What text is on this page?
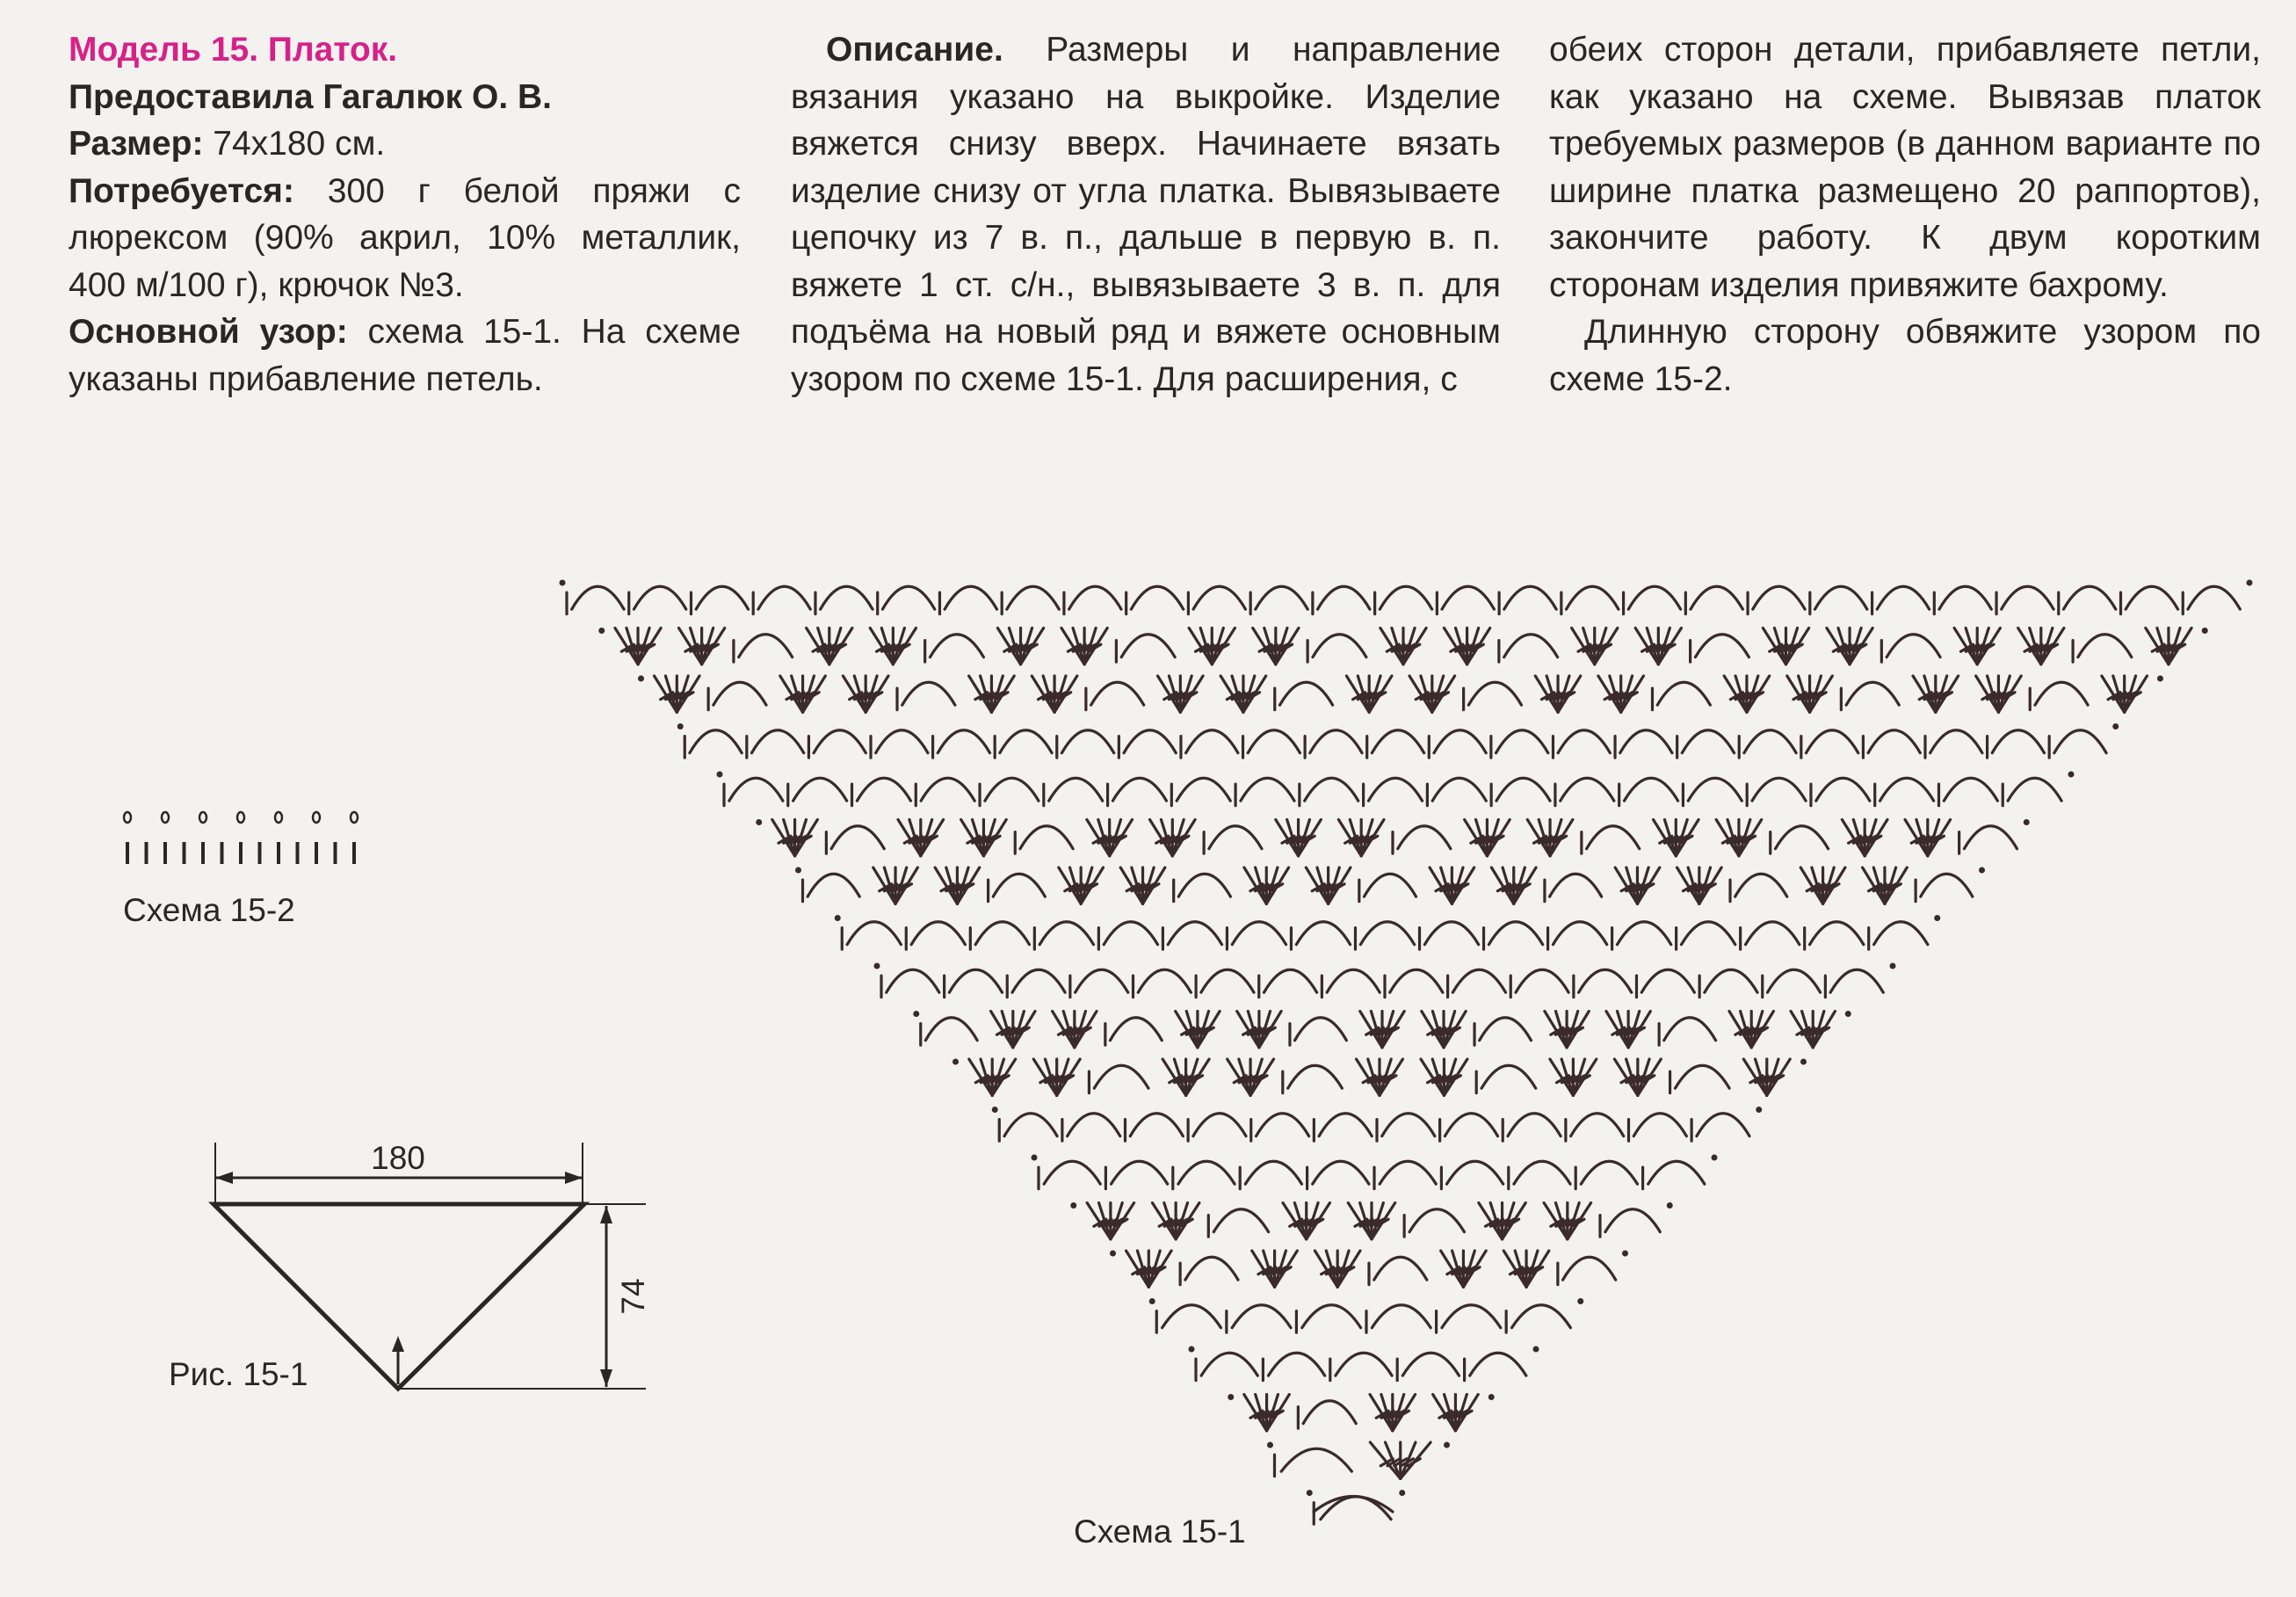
Модель 15. Платок.

Предоставила Гагалюк О. В.

Размер: 74х180 см.

Потребуется: 300 г белой пряжи с люрексом (90% акрил, 10% металлик, 400 м/100 г), крючок №3.

Основной узор: схема 15-1. На схеме указаны прибавление петель.

Описание. Размеры и направление вязания указано на выкройке. Изделие вяжется снизу вверх. Начинаете вязать изделие снизу от угла платка. Вывязываете цепочку из 7 в. п., дальше в первую в. п. вяжете 1 ст. с/н., вывязываете 3 в. п. для подъёма на новый ряд и вяжете основным узором по схеме 15-1. Для расширения, с

обеих сторон детали, прибавляете петли, как указано на схеме. Вывязав платок требуемых размеров (в данном варианте по ширине платка размещено 20 раппортов), закончите работу. К двум коротким сторонам изделия привяжите бахрому.

Длинную сторону обвяжите узором по схеме 15-2.

Схема 15-2
Рис. 15-1
Схема 15-1
180
74
